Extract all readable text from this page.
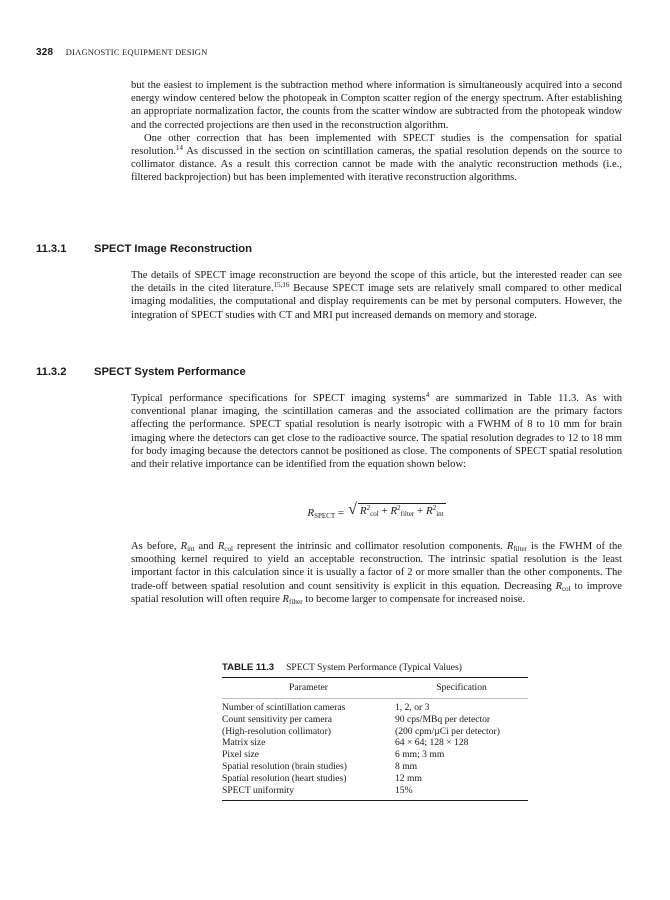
328 DIAGNOSTIC EQUIPMENT DESIGN

but the easiest to implement is the subtraction method where information is simultaneously acquired into a second energy window centered below the photopeak in Compton scatter region of the energy spectrum. After establishing an appropriate normalization factor, the counts from the scatter window are subtracted from the photopeak window and the corrected projections are then used in the reconstruction algorithm.

One other correction that has been implemented with SPECT studies is the compensation for spatial resolution.$^{14}$ As discussed in the section on scintillation cameras, the spatial resolution depends on the source to collimator distance. As a result this correction cannot be made with the analytic reconstruction methods (i.e., filtered backprojection) but has been implemented with iterative reconstruction algorithms.

11.3.1 SPECT Image Reconstruction

The details of SPECT image reconstruction are beyond the scope of this article, but the interested reader can see the details in the cited literature.$^{15,16}$ Because SPECT image sets are relatively small compared to other medical imaging modalities, the computational and display requirements can be met by personal computers. However, the integration of SPECT studies with CT and MRI put increased demands on memory and storage.

11.3.2 SPECT System Performance

Typical performance specifications for SPECT imaging systems$^4$ are summarized in Table 11.3. As with conventional planar imaging, the scintillation cameras and the associated collimation are the primary factors affecting the performance. SPECT spatial resolution is nearly isotropic with a FWHM of 8 to 10 mm for brain imaging where the detectors can get close to the radioactive source. The spatial resolution degrades to 12 to 18 mm for body imaging because the detectors cannot be positioned as close. The components of SPECT spatial resolution and their relative importance can be identified from the equation shown below:

$R_{SPECT}$ = √ $R^2_{col} + R^2_{filter} + R^2_{int}$

As before, $R_{int}$ and $R_{col}$ represent the intrinsic and collimator resolution components. $R_{filter}$ is the FWHM of the smoothing kernel required to yield an acceptable reconstruction. The intrinsic spatial resolution is the least important factor in this calculation since it is usually a factor of 2 or more smaller than the other components. The trade-off between spatial resolution and count sensitivity is explicit in this equation. Decreasing $R_{col}$ to improve spatial resolution will often require $R_{filter}$ to become larger to compensate for increased noise.

TABLE 11.3 SPECT System Performance (Typical Values)
Parameter	Specification
Number of scintillation cameras	1, 2, or 3
Count sensitivity per camera	90 cps/MBq per detector
(High-resolution collimator)	(200 cpm/µCi per detector)
Matrix size	64 × 64; 128 × 128
Pixel size	6 mm; 3 mm
Spatial resolution (brain studies)	8 mm
Spatial resolution (heart studies)	12 mm
SPECT uniformity	15%
